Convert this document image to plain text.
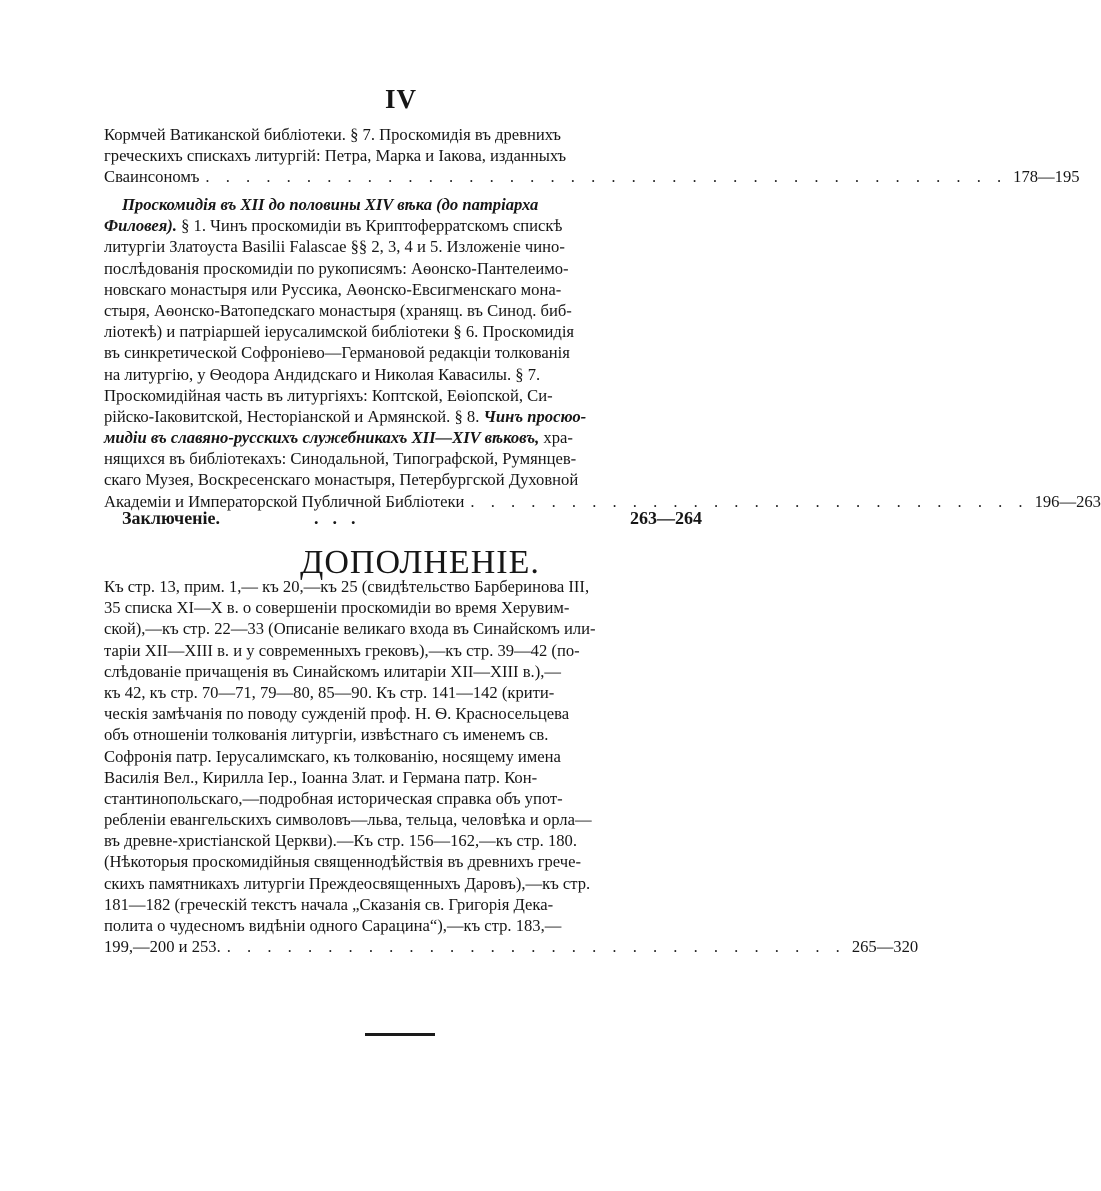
IV
Кормчей Ватиканской библіотеки. § 7. Проскомидія въ древнихъ
греческихъ спискахъ литургій: Петра, Марка и Іакова, изданныхъ
Сваинсономъ . . . . . . . . . . . . . . . . . . . . . . . . . . . . . . . . . . . . . . . . 178—195
Проскомидія въ XII до половины XIV вѣка (до патріарха
Филовея). § 1. Чинъ проскомидіи въ Криптоферратскомъ спискѣ
литургіи Златоуста Basilii Falascae §§ 2, 3, 4 и 5. Изложеніе чино-
послѣдованія проскомидіи по рукописямъ: Аѳонско-Пантелеимо-
новскаго монастыря или Руссика, Аѳонско-Евсигменскаго мона-
стыря, Аѳонско-Ватопедскаго монастыря (хранящ. въ Синод. биб-
ліотекѣ) и патріаршей іерусалимской библіотеки § 6. Проскомидія
въ синкретической Софроніево—Германовой редакціи толкованія
на литургію, у Ѳеодора Андидскаго и Николая Кавасилы. § 7.
Проскомидійная часть въ литургіяхъ: Коптской, Еѳіопской, Си-
рійско-Іаковитской, Несторіанской и Армянской. § 8. Чинъ просюо-
мидіи въ славяно-русскихъ служебникахъ XII—XIV вѣковъ, хра-
нящихся въ библіотекахъ: Синодальной, Типографской, Румянцев-
скаго Музея, Воскресенскаго монастыря, Петербургской Духовной
Академіи и Императорской Публичной Библіотеки . . . . . . . . . . . . . . . . . . . . . . . . . . . . 196—263
Заключеніе.	...	263—264
ДОПОЛНЕНІЕ.
Къ стр. 13, прим. 1,— къ 20,—къ 25 (свидѣтельство Барберинова III,
35 списка XI—X в. о совершеніи проскомидіи во время Херувим-
ской),—къ стр. 22—33 (Описаніе великаго входа въ Синайскомъ или-
таріи XII—XIII в. и у современныхъ грековъ),—къ стр. 39—42 (по-
слѣдованіе причащенія въ Синайскомъ илитаріи XII—XIII в.),—
къ 42, къ стр. 70—71, 79—80, 85—90. Къ стр. 141—142 (крити-
ческія замѣчанія по поводу сужденій проф. Н. Ѳ. Красносельцева
объ отношеніи толкованія литургіи, извѣстнаго съ именемъ св.
Софронія патр. Іерусалимскаго, къ толкованію, носящему имена
Василія Вел., Кирилла Іер., Іоанна Злат. и Германа патр. Кон-
стантинопольскаго,—подробная историческая справка объ упот-
ребленіи евангельскихъ символовъ—льва, тельца, человѣка и орла—
въ древне-христіанской Церкви).—Къ стр. 156—162,—къ стр. 180.
(Нѣкоторыя проскомидійныя священнодѣйствія въ древнихъ грече-
скихъ памятникахъ литургіи Преждеосвященныхъ Даровъ),—къ стр.
181—182 (греческій текстъ начала „Сказанія св. Григорія Дека-
полита о чудесномъ видѣніи одного Сарацина“),—къ стр. 183,—
199,—200 и 253. . . . . . . . . . . . . . . . . . . . . . . . . . . . . . . . 265—320
